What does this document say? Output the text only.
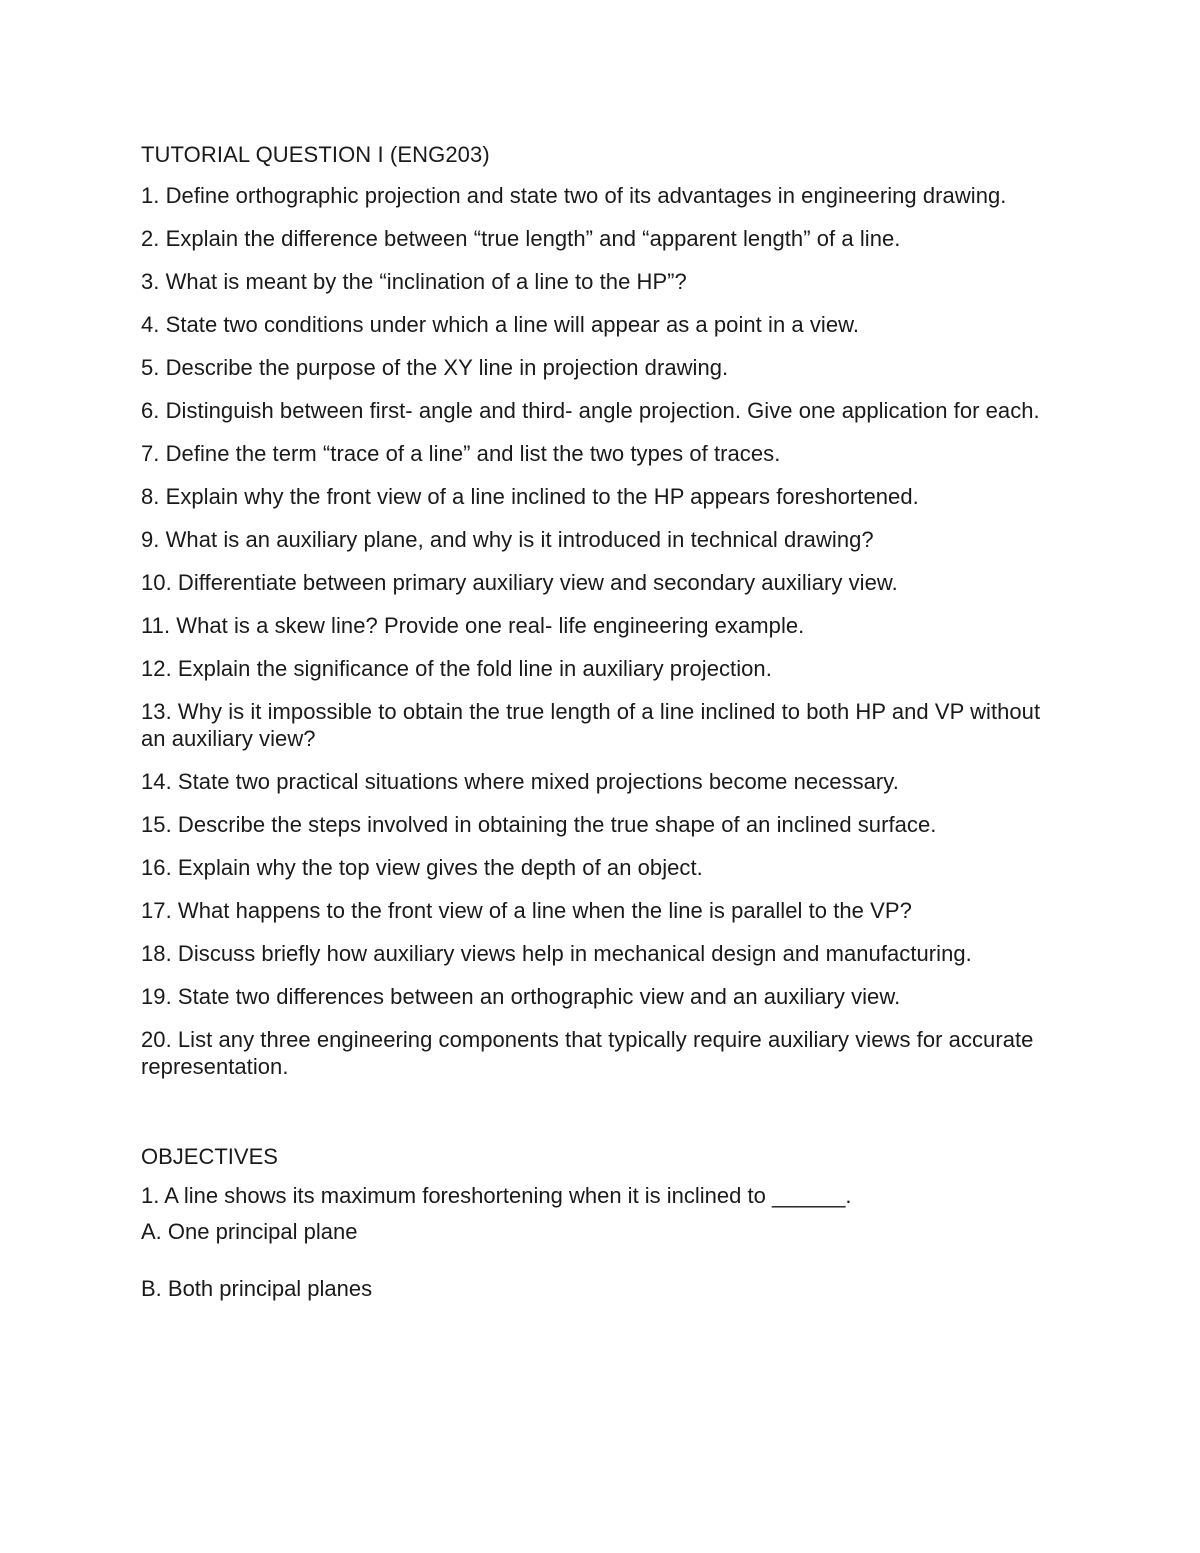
TUTORIAL QUESTION I (ENG203)
1. Define orthographic projection and state two of its advantages in engineering drawing.
2. Explain the difference between “true length” and “apparent length” of a line.
3. What is meant by the “inclination of a line to the HP”?
4. State two conditions under which a line will appear as a point in a view.
5. Describe the purpose of the XY line in projection drawing.
6. Distinguish between first- angle and third- angle projection. Give one application for each.
7. Define the term “trace of a line” and list the two types of traces.
8. Explain why the front view of a line inclined to the HP appears foreshortened.
9. What is an auxiliary plane, and why is it introduced in technical drawing?
10. Differentiate between primary auxiliary view and secondary auxiliary view.
11. What is a skew line? Provide one real- life engineering example.
12. Explain the significance of the fold line in auxiliary projection.
13. Why is it impossible to obtain the true length of a line inclined to both HP and VP without an auxiliary view?
14. State two practical situations where mixed projections become necessary.
15. Describe the steps involved in obtaining the true shape of an inclined surface.
16. Explain why the top view gives the depth of an object.
17. What happens to the front view of a line when the line is parallel to the VP?
18. Discuss briefly how auxiliary views help in mechanical design and manufacturing.
19. State two differences between an orthographic view and an auxiliary view.
20. List any three engineering components that typically require auxiliary views for accurate representation.
OBJECTIVES
1. A line shows its maximum foreshortening when it is inclined to ______.
A. One principal plane
B. Both principal planes
